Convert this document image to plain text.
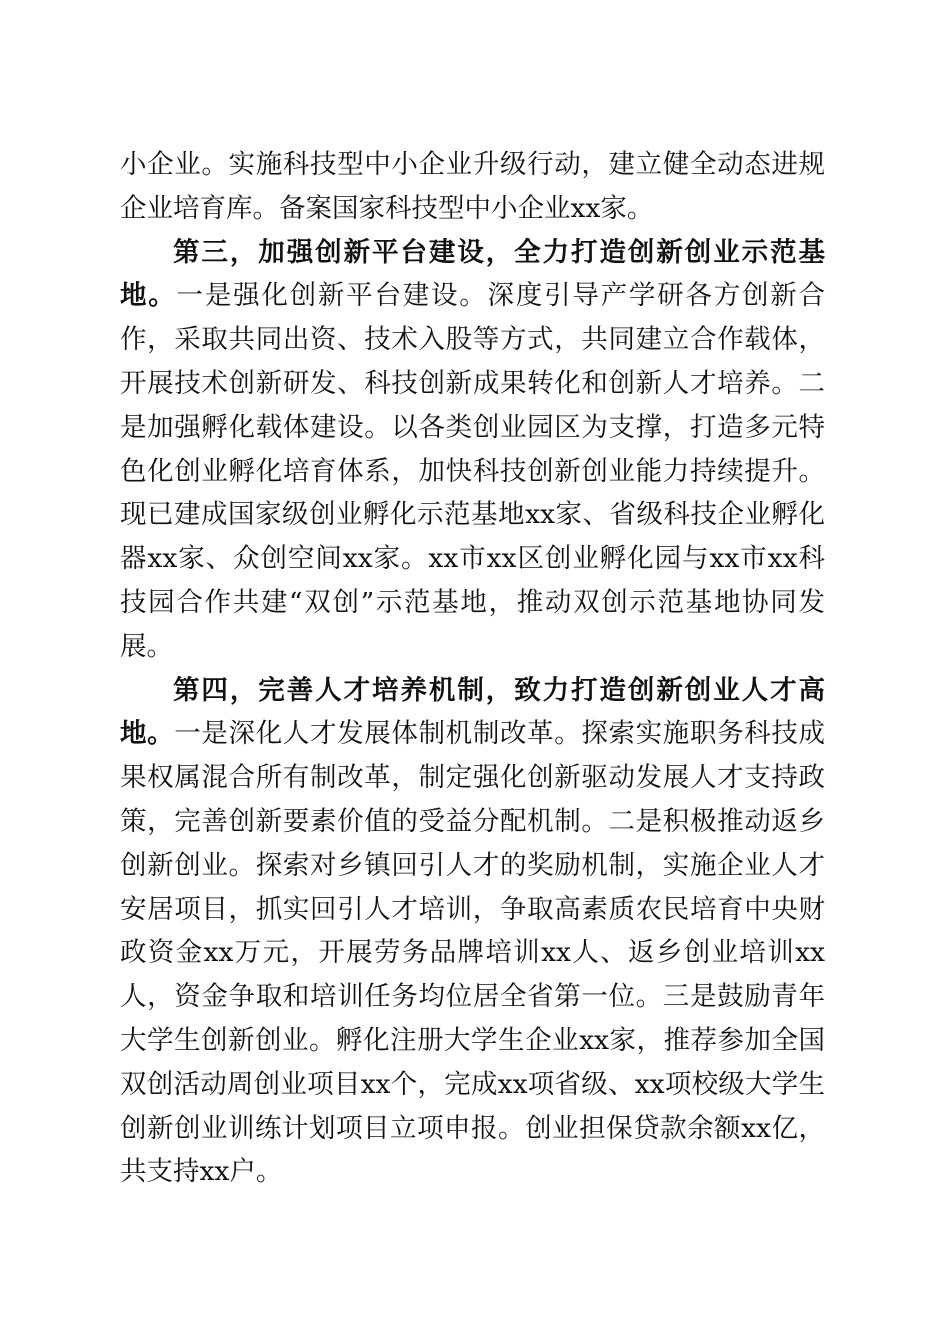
小企业。实施科技型中小企业升级行动，建立健全动态进规企业培育库。备案国家科技型中小企业xx家。

第三，加强创新平台建设，全力打造创新创业示范基地。一是强化创新平台建设。深度引导产学研各方创新合作，采取共同出资、技术入股等方式，共同建立合作载体，开展技术创新研发、科技创新成果转化和创新人才培养。二是加强孵化载体建设。以各类创业园区为支撑，打造多元特色化创业孵化培育体系，加快科技创新创业能力持续提升。现已建成国家级创业孵化示范基地xx家、省级科技企业孵化器xx家、众创空间xx家。xx市xx区创业孵化园与xx市xx科技园合作共建“双创”示范基地，推动双创示范基地协同发展。

第四，完善人才培养机制，致力打造创新创业人才高地。一是深化人才发展体制机制改革。探索实施职务科技成果权属混合所有制改革，制定强化创新驱动发展人才支持政策，完善创新要素价值的受益分配机制。二是积极推动返乡创新创业。探索对乡镇回引人才的奖励机制，实施企业人才安居项目，抓实回引人才培训，争取高素质农民培育中央财政资金xx万元，开展劳务品牌培训xx人、返乡创业培训xx人，资金争取和培训任务均位居全省第一位。三是鼓励青年大学生创新创业。孵化注册大学生企业xx家，推荐参加全国双创活动周创业项目xx个，完成xx项省级、xx项校级大学生创新创业训练计划项目立项申报。创业担保贷款余额xx亿，共支持xx户。
